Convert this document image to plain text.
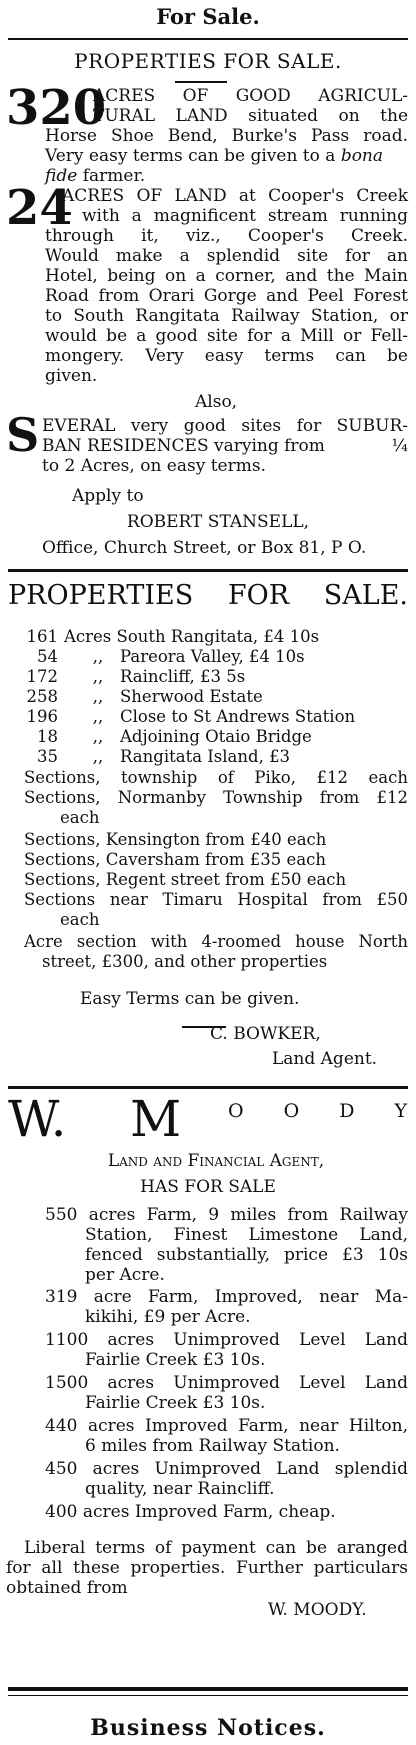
For Sale.
PROPERTIES FOR SALE.
320
ACRES OF GOOD AGRICUL-
TURAL LAND situated on the
Horse Shoe Bend, Burke's Pass road.
Very easy terms can be given to a bona
fide farmer.
24
ACRES OF LAND at Cooper's Creek
with a magnificent stream running
through it, viz., Cooper's Creek.
Would make a splendid site for an
Hotel, being on a corner, and the Main
Road from Orari Gorge and Peel Forest
to South Rangitata Railway Station, or
would be a good site for a Mill or Fell-
mongery. Very easy terms can be
given.
Also,
S EVERAL very good sites for SUBUR-
BAN RESIDENCES varying from	¼
to 2 Acres, on easy terms.
Apply to
ROBERT STANSELL,
Office, Church Street, or Box 81, P O.
PROPERTIES FOR SALE.
161 Acres South Rangitata, £4 10s
54 ,, Pareora Valley, £4 10s
172 ,, Raincliff, £3 5s
258 ,, Sherwood Estate
196 ,, Close to St Andrews Station
18 ,, Adjoining Otaio Bridge
35 ,, Rangitata Island, £3
Sections, township of Piko, £12 each
Sections, Normanby Township from £12
each
Sections, Kensington from £40 each
Sections, Caversham from £35 each
Sections, Regent street from £50 each
Sections near Timaru Hospital from £50
each
Acre section with 4-roomed house North
street, £300, and other properties
Easy Terms can be given.
C. BOWKER,
Land Agent.
W. M O O D Y
Land and Financial Agent,
HAS FOR SALE
550 acres Farm, 9 miles from Railway
Station, Finest Limestone Land,
fenced substantially, price £3 10s
per Acre.
319 acre Farm, Improved, near Ma-
kikihi, £9 per Acre.
1100 acres Unimproved Level Land
Fairlie Creek £3 10s.
1500 acres Unimproved Level Land
Fairlie Creek £3 10s.
440 acres Improved Farm, near Hilton,
6 miles from Railway Station.
450 acres Unimproved Land splendid
quality, near Raincliff.
400 acres Improved Farm, cheap.
Liberal terms of payment can be aranged
for all these properties. Further particulars
obtained from
W. MOODY.
Business Notices.
